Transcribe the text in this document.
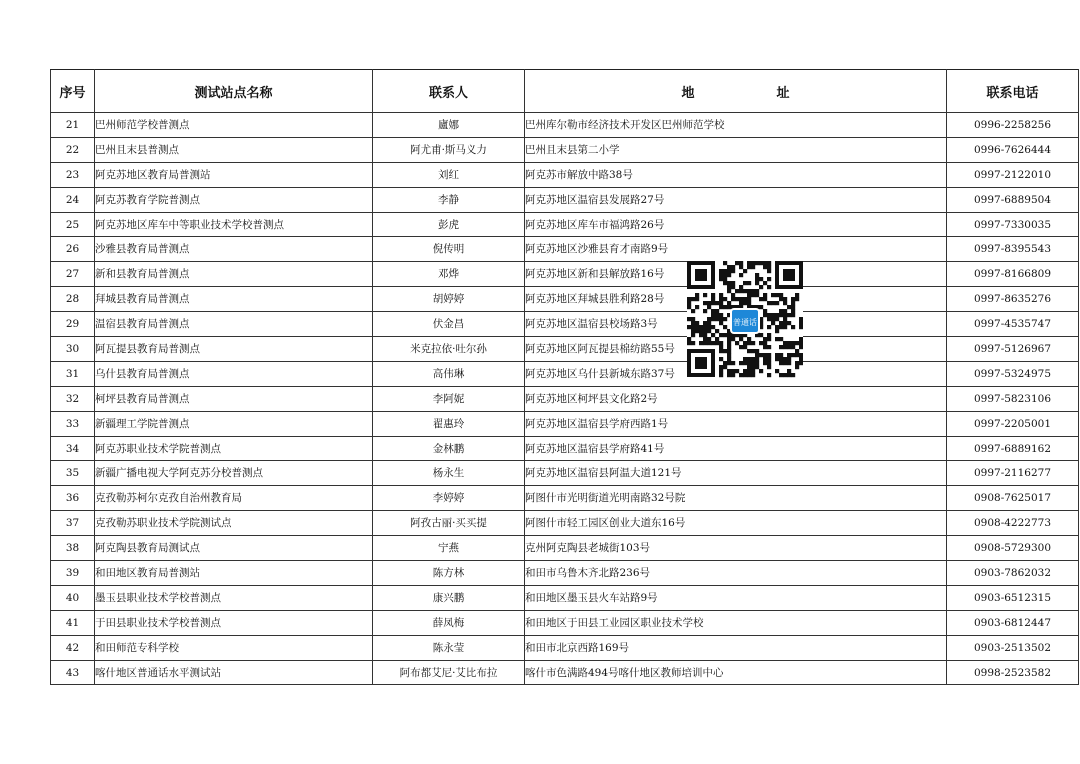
序号	测试站点名称	联系人	地 址	联系电话
21	巴州师范学校普测点	廬娜	巴州库尔勒市经济技术开发区巴州师范学校	0996-2258256
22	巴州且末县普测点	阿尤甫·斯马义力	巴州且末县第二小学	0996-7626444
23	阿克苏地区教育局普测站	刘红	阿克苏市解放中路38号	0997-2122010
24	阿克苏教育学院普测点	李静	阿克苏地区温宿县发展路27号	0997-6889504
25	阿克苏地区库车中等职业技术学校普测点	彭虎	阿克苏地区库车市福鸿路26号	0997-7330035
26	沙雅县教育局普测点	倪传明	阿克苏地区沙雅县育才南路9号	0997-8395543
27	新和县教育局普测点	邓烨	阿克苏地区新和县解放路16号	0997-8166809
28	拜城县教育局普测点	胡婷婷	阿克苏地区拜城县胜利路28号	0997-8635276
29	温宿县教育局普测点	伏金昌	阿克苏地区温宿县校场路3号	0997-4535747
30	阿瓦提县教育局普测点	米克拉依·吐尔孙	阿克苏地区阿瓦提县棉纺路55号	0997-5126967
31	乌什县教育局普测点	高伟琳	阿克苏地区乌什县新城东路37号	0997-5324975
32	柯坪县教育局普测点	李阿妮	阿克苏地区柯坪县文化路2号	0997-5823106
33	新疆理工学院普测点	翟惠玲	阿克苏地区温宿县学府西路1号	0997-2205001
34	阿克苏职业技术学院普测点	金林鹏	阿克苏地区温宿县学府路41号	0997-6889162
35	新疆广播电视大学阿克苏分校普测点	杨永生	阿克苏地区温宿县阿温大道121号	0997-2116277
36	克孜勒苏柯尔克孜自治州教育局	李婷婷	阿图什市光明街道光明南路32号院	0908-7625017
37	克孜勒苏职业技术学院测试点	阿孜古丽·买买提	阿图什市轻工园区创业大道东16号	0908-4222773
38	阿克陶县教育局测试点	宁燕	克州阿克陶县老城街103号	0908-5729300
39	和田地区教育局普测站	陈方林	和田市乌鲁木齐北路236号	0903-7862032
40	墨玉县职业技术学校普测点	康兴鹏	和田地区墨玉县火车站路9号	0903-6512315
41	于田县职业技术学校普测点	薛凤梅	和田地区于田县工业园区职业技术学校	0903-6812447
42	和田师范专科学校	陈永莹	和田市北京西路169号	0903-2513502
43	喀什地区普通话水平测试站	阿布都艾尼·艾比布拉	喀什市色满路494号喀什地区教师培训中心	0998-2523582
普通话
